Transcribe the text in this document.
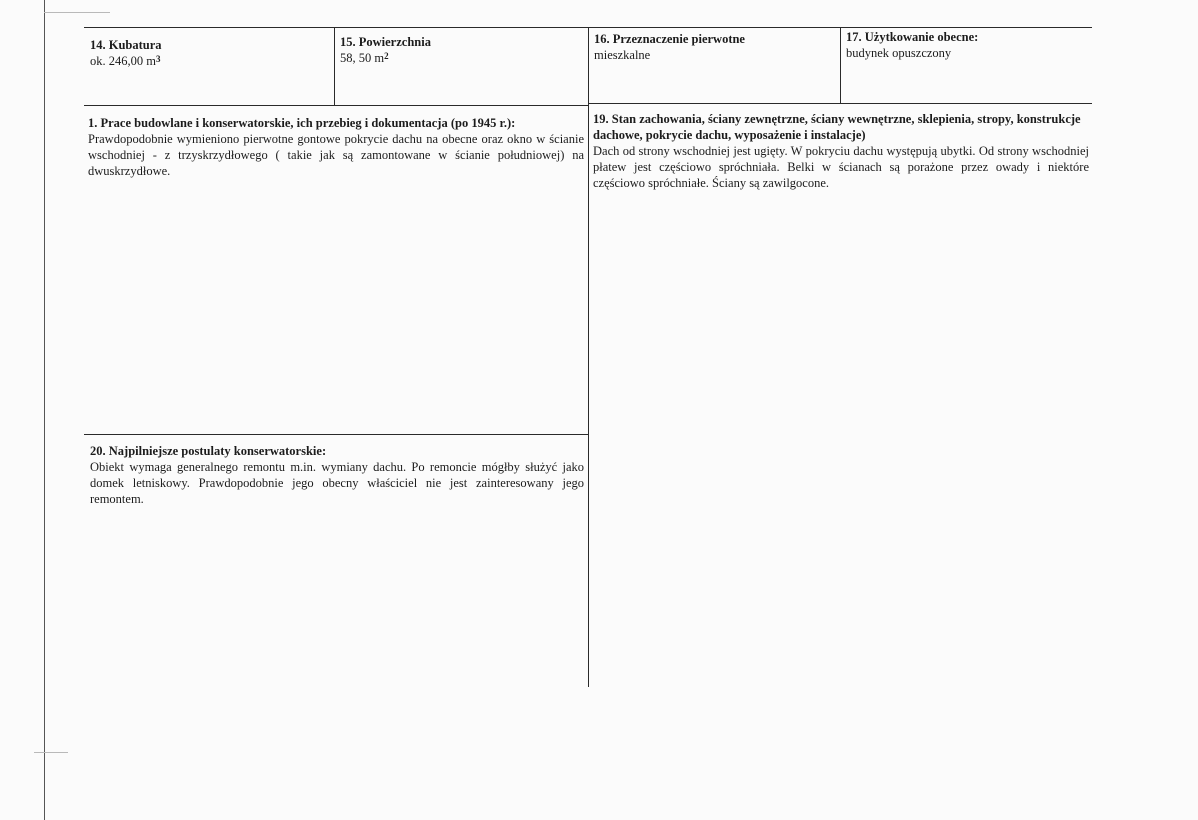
14. Kubatura
ok. 246,00 $m^3$
15. Powierzchnia
58, 50 $m^2$
16. Przeznaczenie pierwotne
mieszkalne
17. Użytkowanie obecne:
budynek opuszczony
1. Prace budowlane i konserwatorskie, ich przebieg i dokumentacja (po 1945 r.):
Prawdopodobnie wymieniono pierwotne gontowe pokrycie dachu na obecne oraz okno w ścianie wschodniej - z trzyskrzydłowego ( takie jak są zamontowane w ścianie południowej) na dwuskrzydłowe.
19. Stan zachowania, ściany zewnętrzne, ściany wewnętrzne, sklepienia, stropy, konstrukcje dachowe, pokrycie dachu, wyposażenie i instalacje)
Dach od strony wschodniej jest ugięty. W pokryciu dachu występują ubytki. Od strony wschodniej płatew jest częściowo spróchniała. Belki w ścianach są porażone przez owady i niektóre częściowo spróchniałe. Ściany są zawilgocone.
20. Najpilniejsze postulaty konserwatorskie:
Obiekt wymaga generalnego remontu m.in. wymiany dachu. Po remoncie mógłby służyć jako domek letniskowy. Prawdopodobnie jego obecny właściciel nie jest zainteresowany jego remontem.
